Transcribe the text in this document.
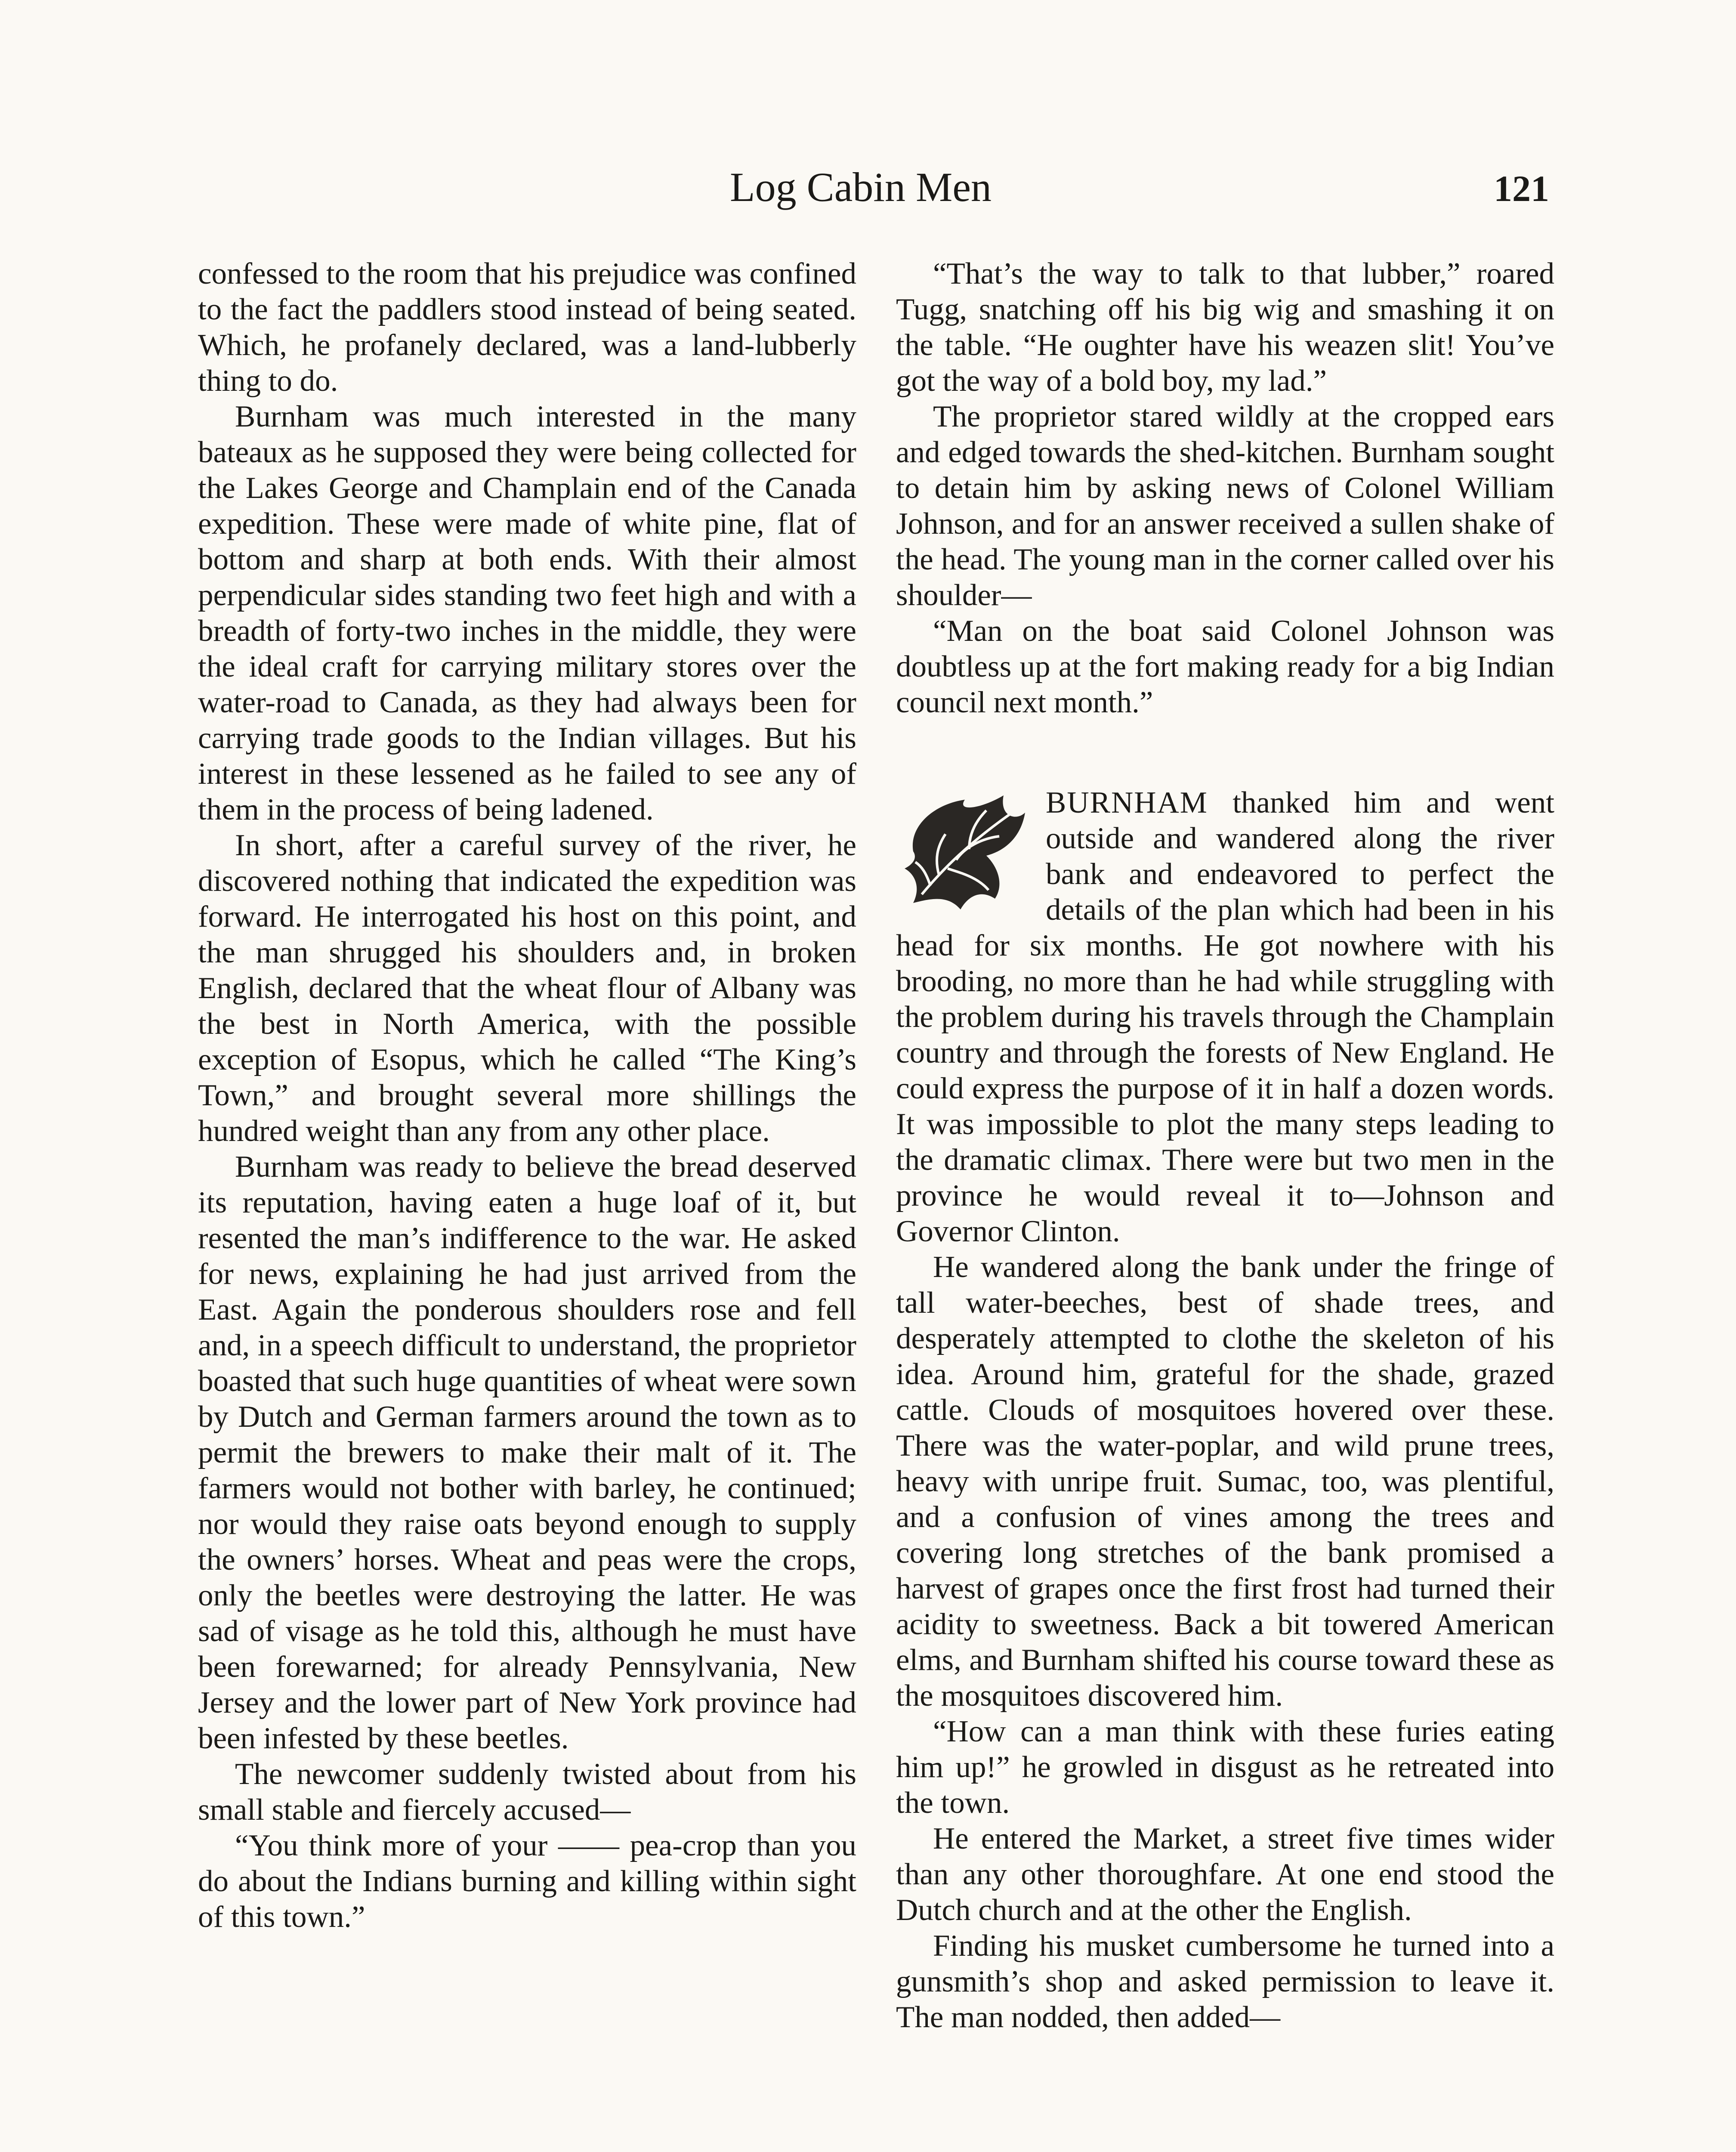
Log Cabin Men	121

confessed to the room that his prejudice was confined to the fact the paddlers stood instead of being seated. Which, he profanely declared, was a land-lubberly thing to do.

Burnham was much interested in the many bateaux as he supposed they were being collected for the Lakes George and Champlain end of the Canada expedition. These were made of white pine, flat of bottom and sharp at both ends. With their almost perpendicular sides standing two feet high and with a breadth of forty-two inches in the middle, they were the ideal craft for carrying military stores over the water-road to Canada, as they had always been for carrying trade goods to the Indian villages. But his interest in these lessened as he failed to see any of them in the process of being ladened.

In short, after a careful survey of the river, he discovered nothing that indicated the expedition was forward. He interrogated his host on this point, and the man shrugged his shoulders and, in broken English, declared that the wheat flour of Albany was the best in North America, with the possible exception of Esopus, which he called “The King’s Town,” and brought several more shillings the hundred weight than any from any other place.

Burnham was ready to believe the bread deserved its reputation, having eaten a huge loaf of it, but resented the man’s indifference to the war. He asked for news, explaining he had just arrived from the East. Again the ponderous shoulders rose and fell and, in a speech difficult to understand, the proprietor boasted that such huge quantities of wheat were sown by Dutch and German farmers around the town as to permit the brewers to make their malt of it. The farmers would not bother with barley, he continued; nor would they raise oats beyond enough to supply the owners’ horses. Wheat and peas were the crops, only the beetles were destroying the latter. He was sad of visage as he told this, although he must have been forewarned; for already Pennsylvania, New Jersey and the lower part of New York province had been infested by these beetles.

The newcomer suddenly twisted about from his small stable and fiercely accused—

“You think more of your —— pea-crop than you do about the Indians burning and killing within sight of this town.”

“That’s the way to talk to that lubber,” roared Tugg, snatching off his big wig and smashing it on the table. “He oughter have his weazen slit! You’ve got the way of a bold boy, my lad.”

The proprietor stared wildly at the cropped ears and edged towards the shed-kitchen. Burnham sought to detain him by asking news of Colonel William Johnson, and for an answer received a sullen shake of the head. The young man in the corner called over his shoulder—

“Man on the boat said Colonel Johnson was doubtless up at the fort making ready for a big Indian council next month.”

BURNHAM thanked him and went outside and wandered along the river bank and endeavored to perfect the details of the plan which had been in his head for six months. He got nowhere with his brooding, no more than he had while struggling with the problem during his travels through the Champlain country and through the forests of New England. He could express the purpose of it in half a dozen words. It was impossible to plot the many steps leading to the dramatic climax. There were but two men in the province he would reveal it to—Johnson and Governor Clinton.

He wandered along the bank under the fringe of tall water-beeches, best of shade trees, and desperately attempted to clothe the skeleton of his idea. Around him, grateful for the shade, grazed cattle. Clouds of mosquitoes hovered over these. There was the water-poplar, and wild prune trees, heavy with unripe fruit. Sumac, too, was plentiful, and a confusion of vines among the trees and covering long stretches of the bank promised a harvest of grapes once the first frost had turned their acidity to sweetness. Back a bit towered American elms, and Burnham shifted his course toward these as the mosquitoes discovered him.

“How can a man think with these furies eating him up!” he growled in disgust as he retreated into the town.

He entered the Market, a street five times wider than any other thoroughfare. At one end stood the Dutch church and at the other the English.

Finding his musket cumbersome he turned into a gunsmith’s shop and asked permission to leave it. The man nodded, then added—
